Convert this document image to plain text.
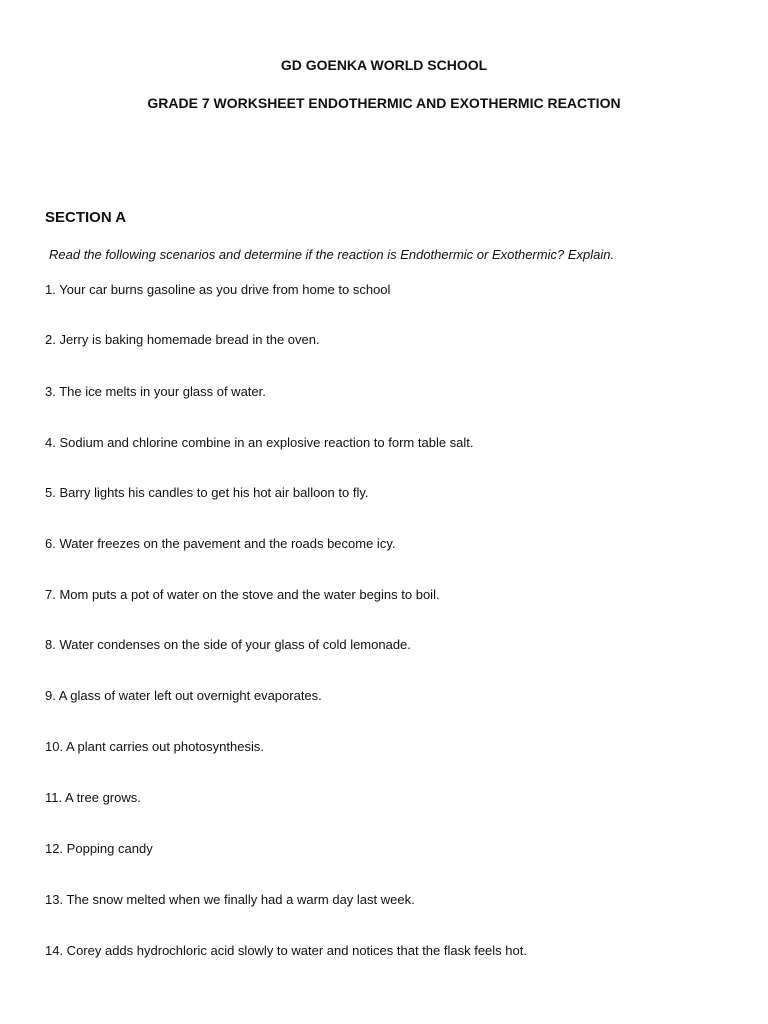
GD GOENKA WORLD SCHOOL
GRADE 7 WORKSHEET ENDOTHERMIC AND EXOTHERMIC REACTION
SECTION A
Read the following scenarios and determine if the reaction is Endothermic or Exothermic? Explain.
1. Your car burns gasoline as you drive from home to school
2. Jerry is baking homemade bread in the oven.
3. The ice melts in your glass of water.
4. Sodium and chlorine combine in an explosive reaction to form table salt.
5. Barry lights his candles to get his hot air balloon to fly.
6. Water freezes on the pavement and the roads become icy.
7. Mom puts a pot of water on the stove and the water begins to boil.
8. Water condenses on the side of your glass of cold lemonade.
9. A glass of water left out overnight evaporates.
10. A plant carries out photosynthesis.
11. A tree grows.
12. Popping candy
13. The snow melted when we finally had a warm day last week.
14. Corey adds hydrochloric acid slowly to water and notices that the flask feels hot.
